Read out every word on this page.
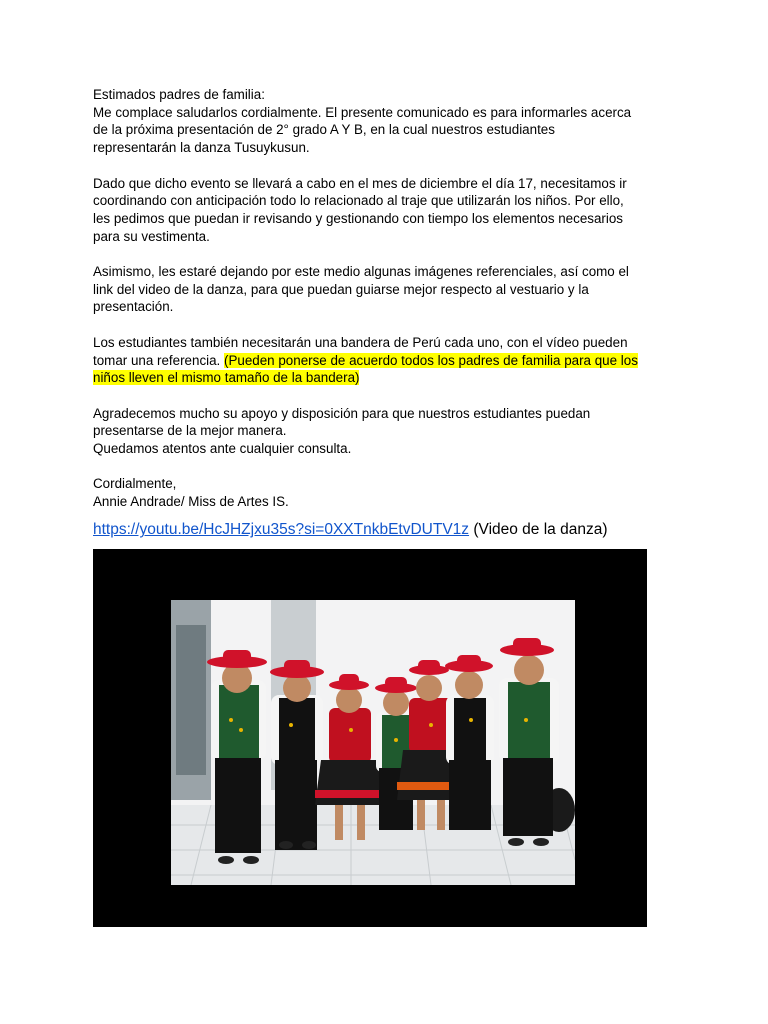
Estimados padres de familia:
Me complace saludarlos cordialmente. El presente comunicado es para informarles acerca
de la próxima presentación de 2° grado A Y B, en la cual nuestros estudiantes
representarán la danza Tusuykusun.
Dado que dicho evento se llevará a cabo en el mes de diciembre el día 17, necesitamos ir
coordinando con anticipación todo lo relacionado al traje que utilizarán los niños. Por ello,
les pedimos que puedan ir revisando y gestionando con tiempo los elementos necesarios
para su vestimenta.
Asimismo, les estaré dejando por este medio algunas imágenes referenciales, así como el
link del video de la danza, para que puedan guiarse mejor respecto al vestuario y la
presentación.
Los estudiantes también necesitarán una bandera de Perú cada uno, con el vídeo pueden
tomar una referencia. (Pueden ponerse de acuerdo todos los padres de familia para que los
niños lleven el mismo tamaño de la bandera)
Agradecemos mucho su apoyo y disposición para que nuestros estudiantes puedan
presentarse de la mejor manera.
Quedamos atentos ante cualquier consulta.
Cordialmente,
Annie Andrade/ Miss de Artes IS.
https://youtu.be/HcJHZjxu35s?si=0XXTnkbEtvDUTV1z (Video de la danza)
